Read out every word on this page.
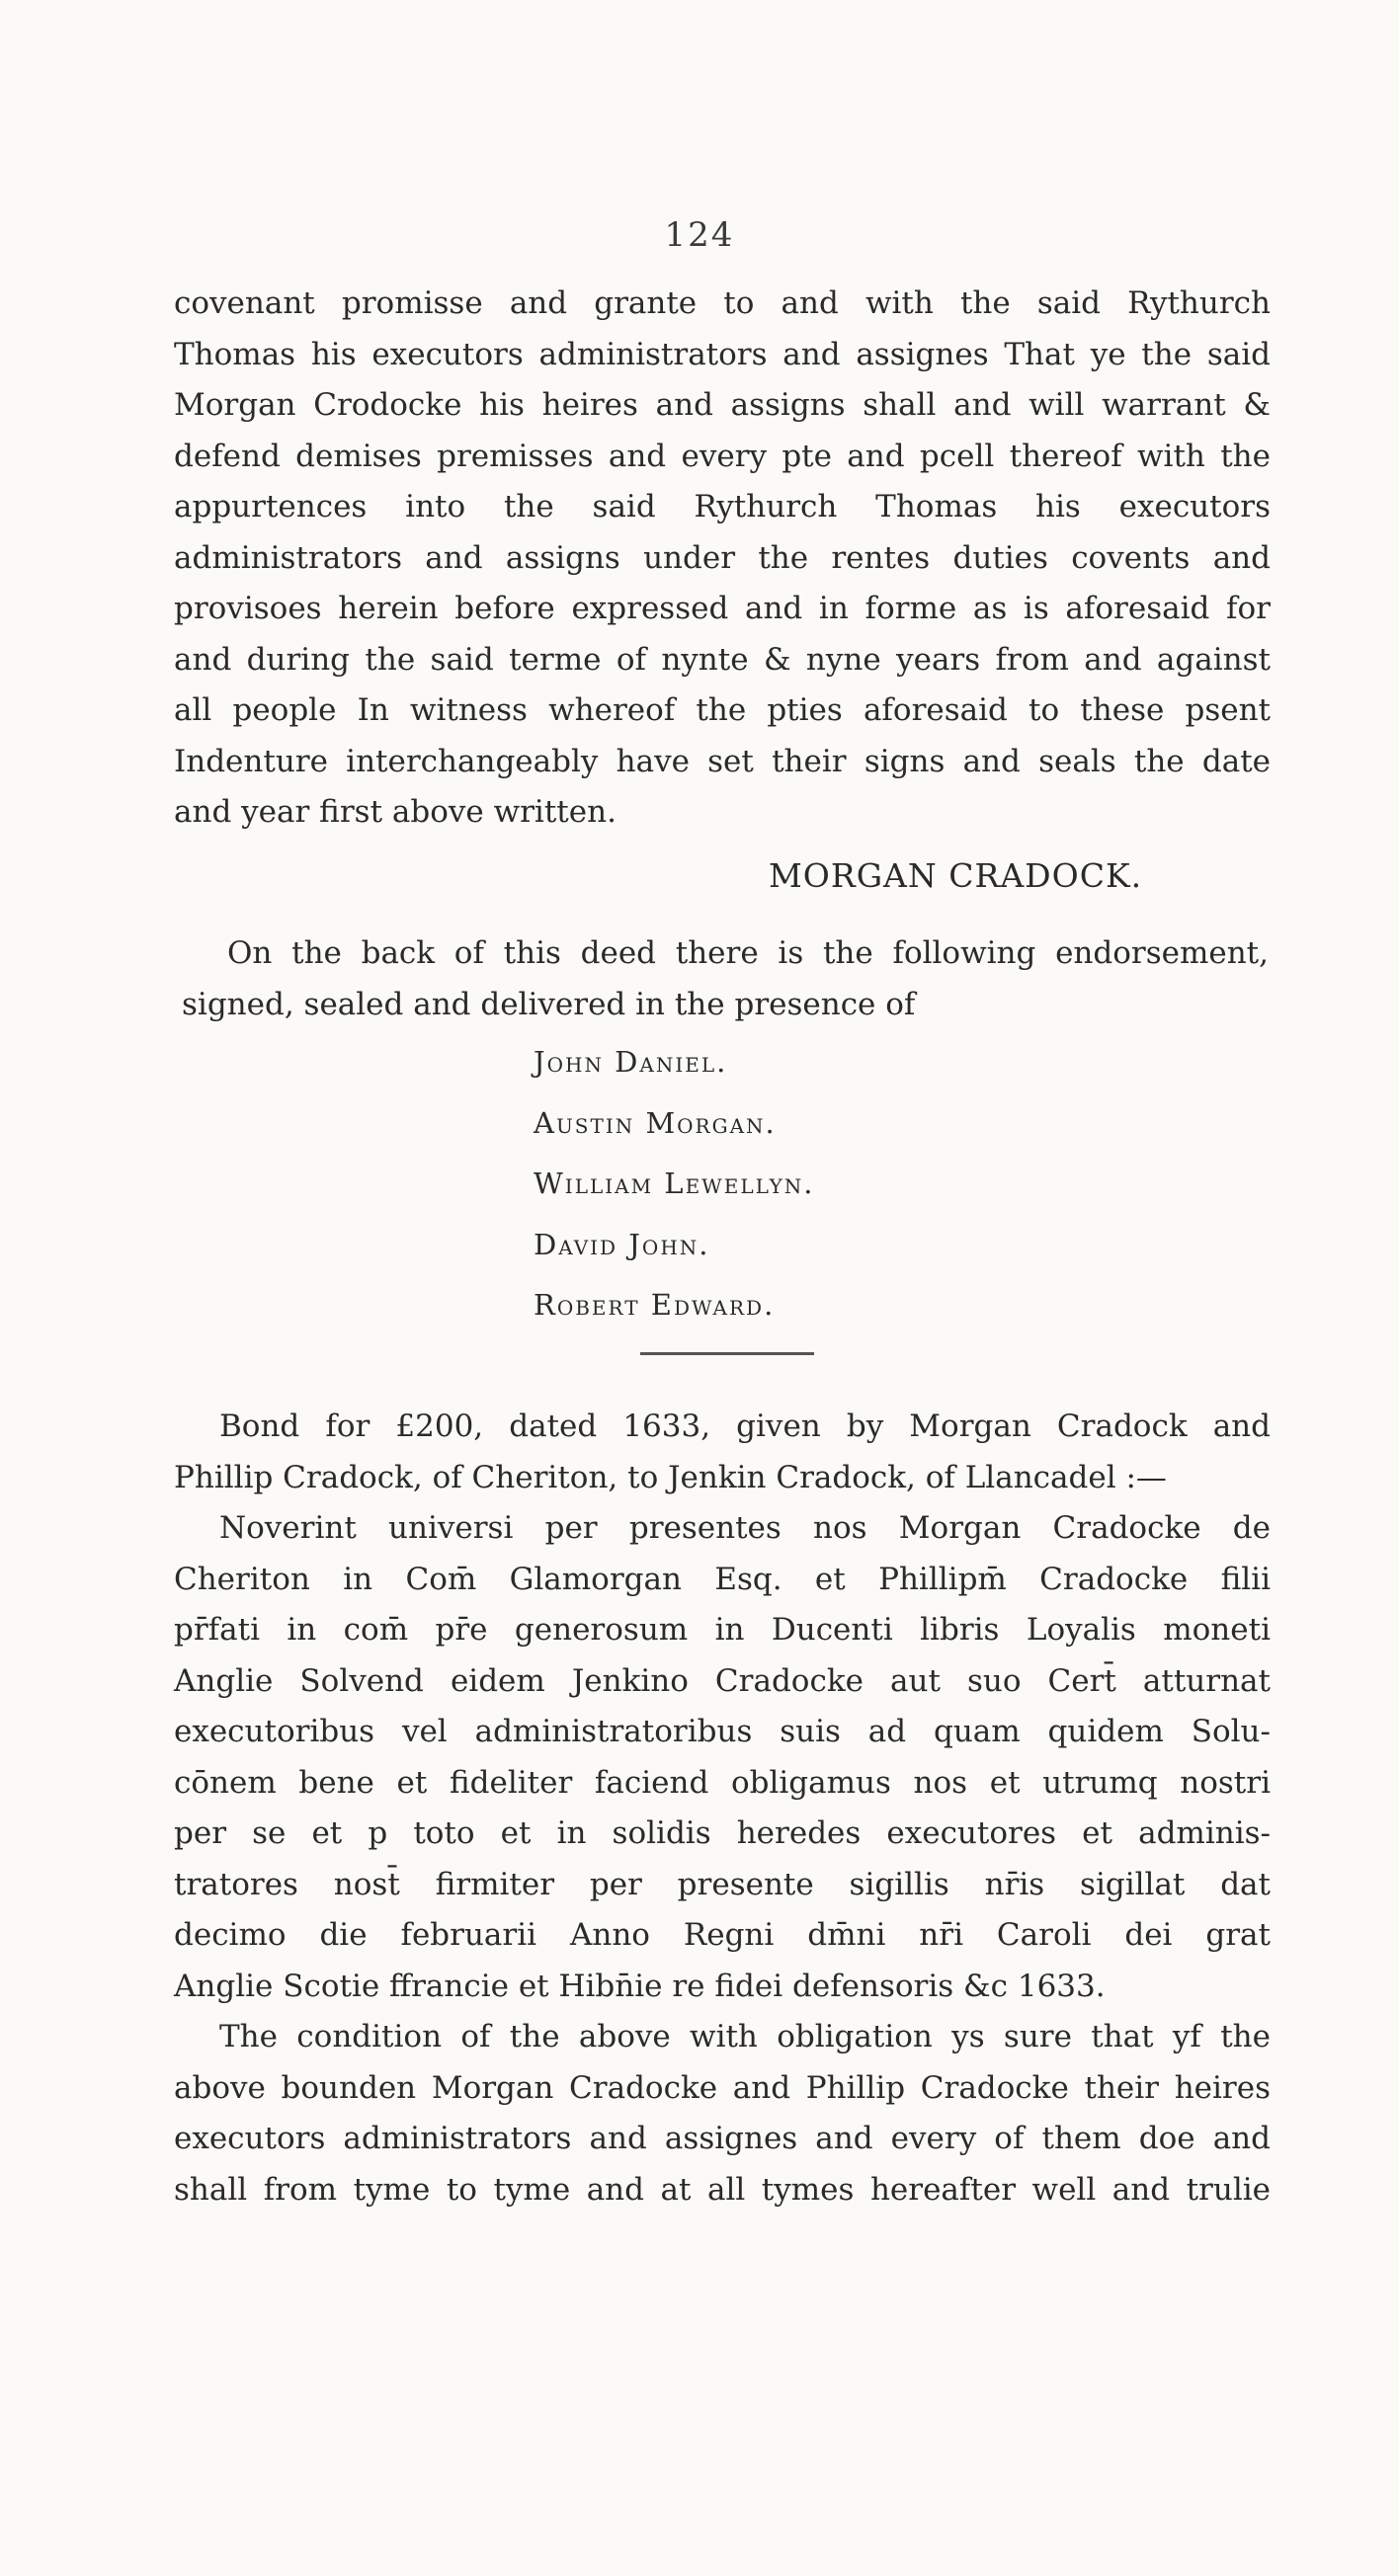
124
covenant promisse and grante to and with the said Rythurch
Thomas his executors administrators and assignes That ye the said
Morgan Crodocke his heires and assigns shall and will warrant &
defend demises premisses and every pte and pcell thereof with the
appurtences into the said Rythurch Thomas his executors
administrators and assigns under the rentes duties covents and
provisoes herein before expressed and in forme as is aforesaid for
and during the said terme of nynte & nyne years from and against
all people In witness whereof the pties aforesaid to these psent
Indenture interchangeably have set their signs and seals the date
and year first above written.
MORGAN CRADOCK.
On the back of this deed there is the following endorsement,
signed, sealed and delivered in the presence of
John Daniel.
Austin Morgan.
William Lewellyn.
David John.
Robert Edward.
Bond for £200, dated 1633, given by Morgan Cradock and
Phillip Cradock, of Cheriton, to Jenkin Cradock, of Llancadel :—
Noverint universi per presentes nos Morgan Cradocke de
Cheriton in Com̄ Glamorgan Esq. et Phillipm̄ Cradocke filii
pr̄fati in com̄ pr̄e generosum in Ducenti libris Loyalis moneti
Anglie Solvend eidem Jenkino Cradocke aut suo Cert̄ atturnat
executoribus vel administratoribus suis ad quam quidem Solu-
cōnem bene et fideliter faciend obligamus nos et utrumq nostri
per se et p toto et in solidis heredes executores et adminis-
tratores nost̄ firmiter per presente sigillis nr̄is sigillat dat
decimo die februarii Anno Regni dm̄ni nr̄i Caroli dei grat
Anglie Scotie ffrancie et Hibn̄ie re fidei defensoris &c 1633.
The condition of the above with obligation ys sure that yf the
above bounden Morgan Cradocke and Phillip Cradocke their heires
executors administrators and assignes and every of them doe and
shall from tyme to tyme and at all tymes hereafter well and trulie
